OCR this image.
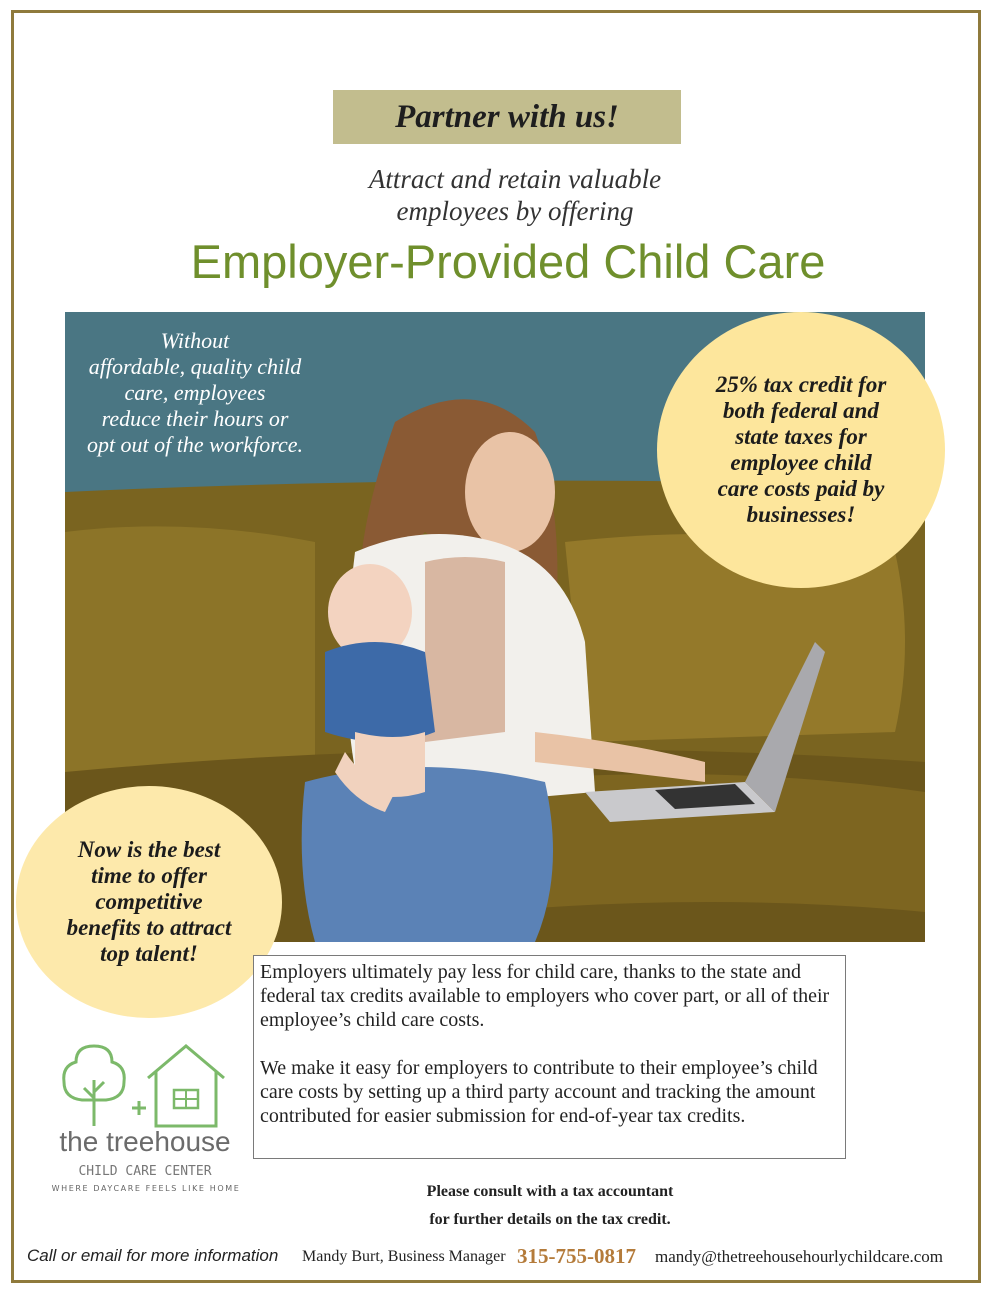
Partner with us!
Attract and retain valuable
employees by offering
Employer-Provided Child Care
Without
affordable, quality child
care, employees
reduce their hours or
opt out of the workforce.
25% tax credit for
both federal and
state taxes for
employee child
care costs paid by
businesses!
Now is the best
time to offer
competitive
benefits to attract
top talent!

Employers ultimately pay less for child care, thanks to the state and federal tax credits available to employers who cover part, or all of their employee’s child care costs.

We make it easy for employers to contribute to their employee’s child care costs by setting up a third party account and tracking the amount contributed for easier submission for end-of-year tax credits.

the treehouse
CHILD CARE CENTER
WHERE DAYCARE FEELS LIKE HOME	Please consult with a tax accountant
for further details on the tax credit.
Call or email for more information Mandy Burt, Business Manager 315-755-0817 mandy@thetreehousehourlychildcare.com
